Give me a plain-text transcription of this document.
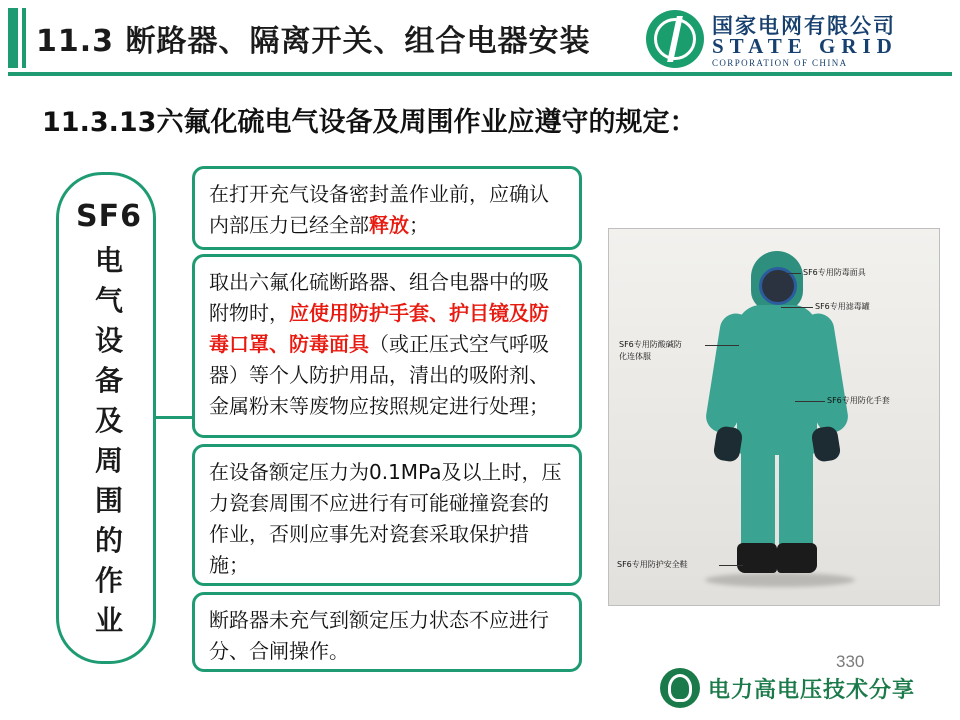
11.3 断路器、隔离开关、组合电器安装	国家电网有限公司
STATE GRID
CORPORATION OF CHINA
11.3.13六氟化硫电气设备及周围作业应遵守的规定：
SF6
电
气
设
备
及
周
围
的
作
业
在打开充气设备密封盖作业前，应确认内部压力已经全部释放；
取出六氟化硫断路器、组合电器中的吸附物时，应使用防护手套、护目镜及防毒口罩、防毒面具（或正压式空气呼吸器）等个人防护用品，清出的吸附剂、金属粉末等废物应按照规定进行处理；
在设备额定压力为0.1MPa及以上时，压力瓷套周围不应进行有可能碰撞瓷套的作业，否则应事先对瓷套采取保护措施；
断路器未充气到额定压力状态不应进行分、合闸操作。
SF6专用防毒面具
SF6专用滤毒罐
SF6专用防酸碱防
化连体服
SF6专用防化手套
SF6专用防护安全鞋
电力高电压技术分享
330
